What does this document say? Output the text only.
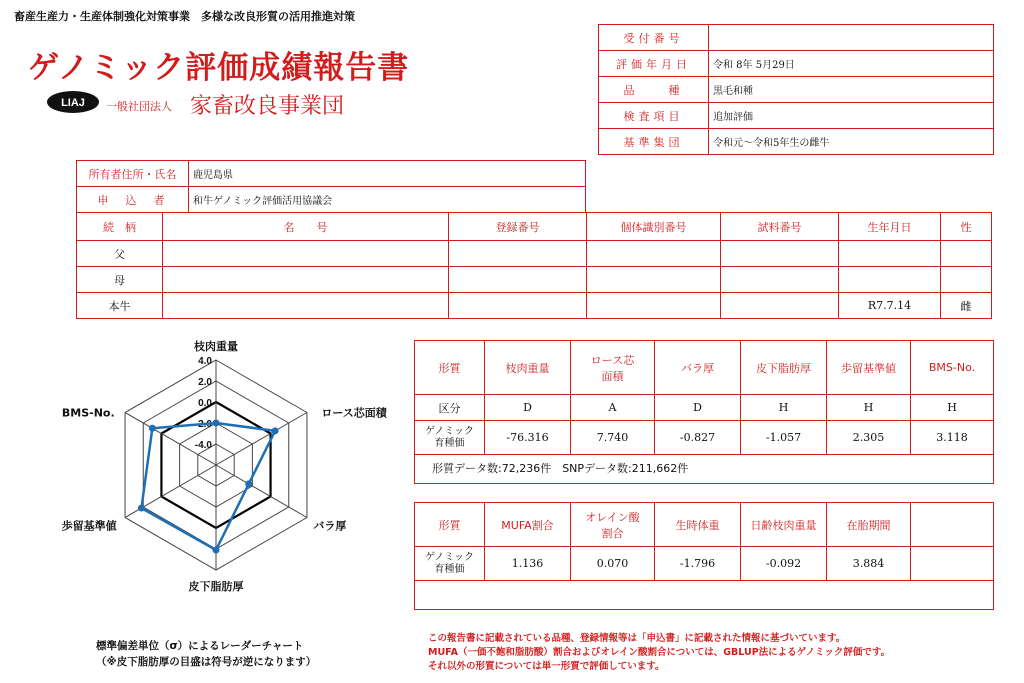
畜産生産力・生産体制強化対策事業　多様な改良形質の活用推進対策
ゲノミック評価成績報告書
LIAJ 一般社団法人 家畜改良事業団
受付番号	
評価年月日	令和 8年 5月29日
品　　種	黒毛和種
検査項目	追加評価
基準集団	令和元～令和5年生の雌牛
所有者住所・氏名	鹿児島県
申　込　者	和牛ゲノミック評価活用協議会
続　柄	名　　号	登録番号	個体識別番号	試料番号	生年月日	性
父						
母						
本牛					R7.7.14	雌
4.0
2.0
0.0
-2.0
-4.0
枝肉重量
ロース芯面積
バラ厚
皮下脂肪厚
歩留基準値
BMS-No.
標準偏差単位（σ）によるレーダーチャート
（※皮下脂肪厚の目盛は符号が逆になります）
形質	枝肉重量	ロース芯
面積	バラ厚	皮下脂肪厚	歩留基準値	BMS-No.
区分	D	A	D	H	H	H
ゲノミック
育種価	-76.316	7.740	-0.827	-1.057	2.305	3.118
形質データ数:72,236件　SNPデータ数:211,662件
形質	MUFA割合	オレイン酸
割合	生時体重	日齢枝肉重量	在胎期間	
ゲノミック
育種価	1.136	0.070	-1.796	-0.092	3.884	
この報告書に記載されている品種、登録情報等は「申込書」に記載された情報に基づいています。
MUFA（一価不飽和脂肪酸）割合およびオレイン酸割合については、GBLUP法によるゲノミック評価です。
それ以外の形質については単一形質で評価しています。
